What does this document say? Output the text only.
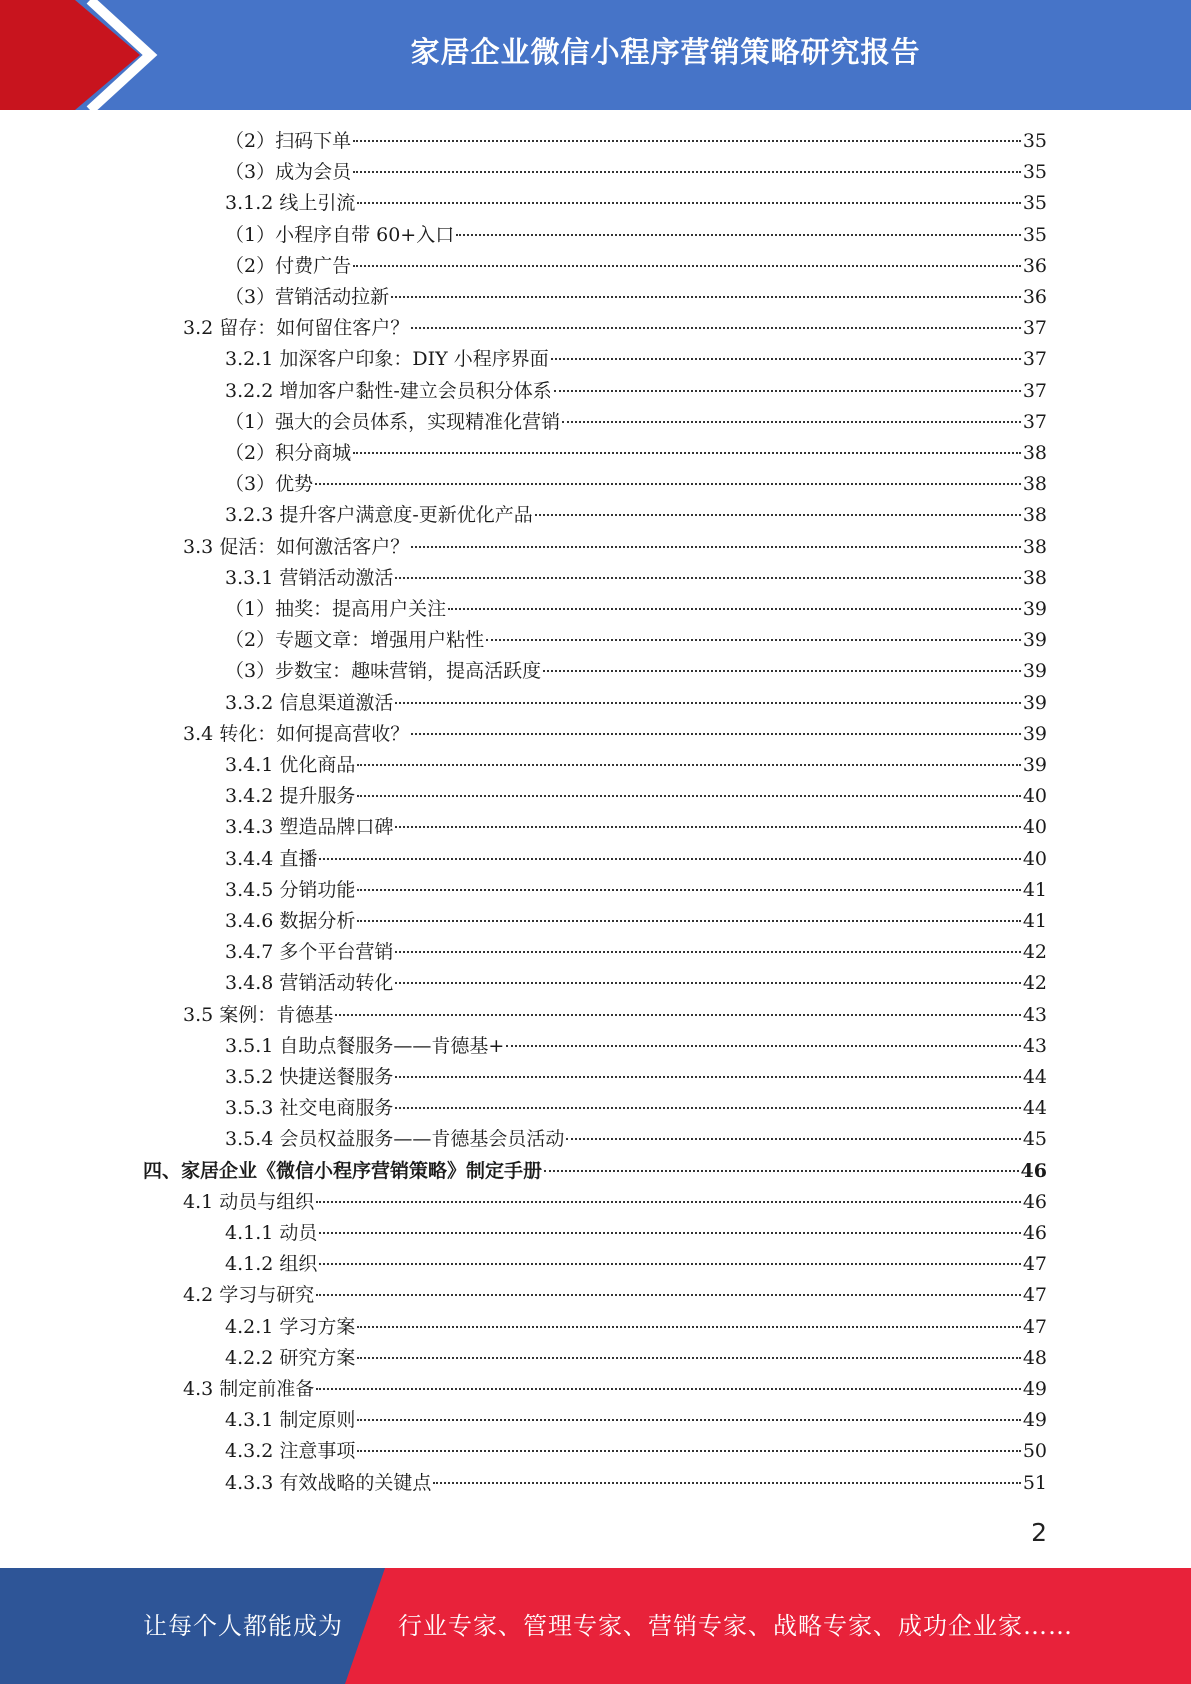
家居企业微信小程序营销策略研究报告
（2）扫码下单	35
（3）成为会员	35
3.1.2 线上引流	35
（1）小程序自带 60+入口	35
（2）付费广告	36
（3）营销活动拉新	36
3.2 留存：如何留住客户？	37
3.2.1 加深客户印象：DIY 小程序界面	37
3.2.2 增加客户黏性-建立会员积分体系	37
（1）强大的会员体系，实现精准化营销	37
（2）积分商城	38
（3）优势	38
3.2.3 提升客户满意度-更新优化产品	38
3.3 促活：如何激活客户？	38
3.3.1 营销活动激活	38
（1）抽奖：提高用户关注	39
（2）专题文章：增强用户粘性	39
（3）步数宝：趣味营销，提高活跃度	39
3.3.2 信息渠道激活	39
3.4 转化：如何提高营收？	39
3.4.1 优化商品	39
3.4.2 提升服务	40
3.4.3 塑造品牌口碑	40
3.4.4 直播	40
3.4.5 分销功能	41
3.4.6 数据分析	41
3.4.7 多个平台营销	42
3.4.8 营销活动转化	42
3.5 案例：肯德基	43
3.5.1 自助点餐服务——肯德基+	43
3.5.2 快捷送餐服务	44
3.5.3 社交电商服务	44
3.5.4 会员权益服务——肯德基会员活动	45
四、家居企业《微信小程序营销策略》制定手册	46
4.1 动员与组织	46
4.1.1 动员	46
4.1.2 组织	47
4.2 学习与研究	47
4.2.1 学习方案	47
4.2.2 研究方案	48
4.3 制定前准备	49
4.3.1 制定原则	49
4.3.2 注意事项	50
4.3.3 有效战略的关键点	51
2
让每个人都能成为 行业专家、管理专家、营销专家、战略专家、成功企业家……
